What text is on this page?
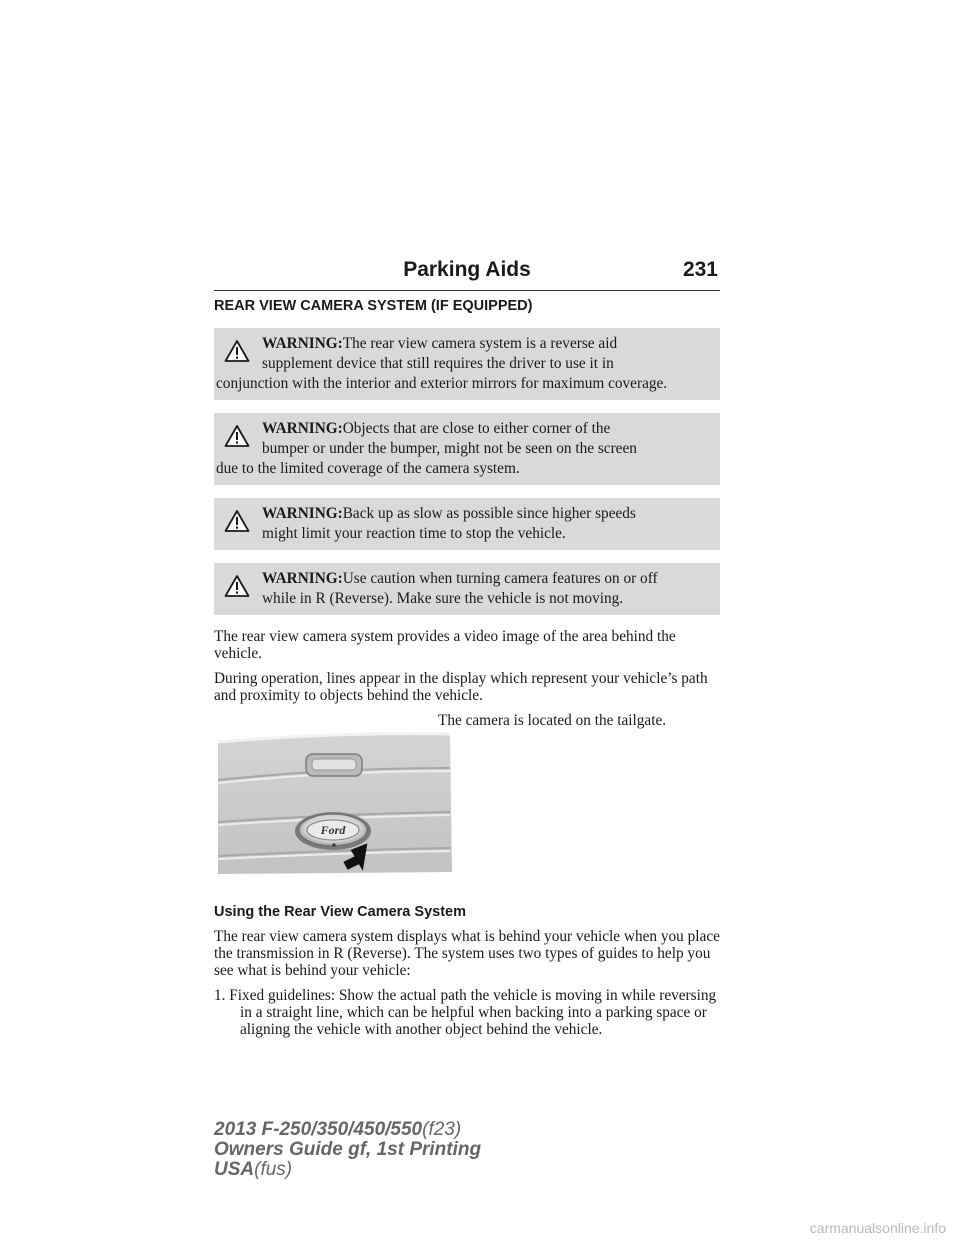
Parking Aids	231
REAR VIEW CAMERA SYSTEM (IF EQUIPPED)
WARNING:The rear view camera system is a reverse aid
supplement device that still requires the driver to use it in
conjunction with the interior and exterior mirrors for maximum coverage.
WARNING:Objects that are close to either corner of the
bumper or under the bumper, might not be seen on the screen
due to the limited coverage of the camera system.
WARNING:Back up as slow as possible since higher speeds
might limit your reaction time to stop the vehicle.
WARNING:Use caution when turning camera features on or off
while in R (Reverse). Make sure the vehicle is not moving.

The rear view camera system provides a video image of the area behind the vehicle.

During operation, lines appear in the display which represent your vehicle’s path and proximity to objects behind the vehicle.

Ford
The camera is located on the tailgate.
Using the Rear View Camera System

The rear view camera system displays what is behind your vehicle when you place the transmission in R (Reverse). The system uses two types of guides to help you see what is behind your vehicle:

1. Fixed guidelines: Show the actual path the vehicle is moving in while reversing in a straight line, which can be helpful when backing into a parking space or aligning the vehicle with another object behind the vehicle.
2013 F-250/350/450/550(f23)
Owners Guide gf, 1st Printing
USA(fus)
carmanualsonline.info
